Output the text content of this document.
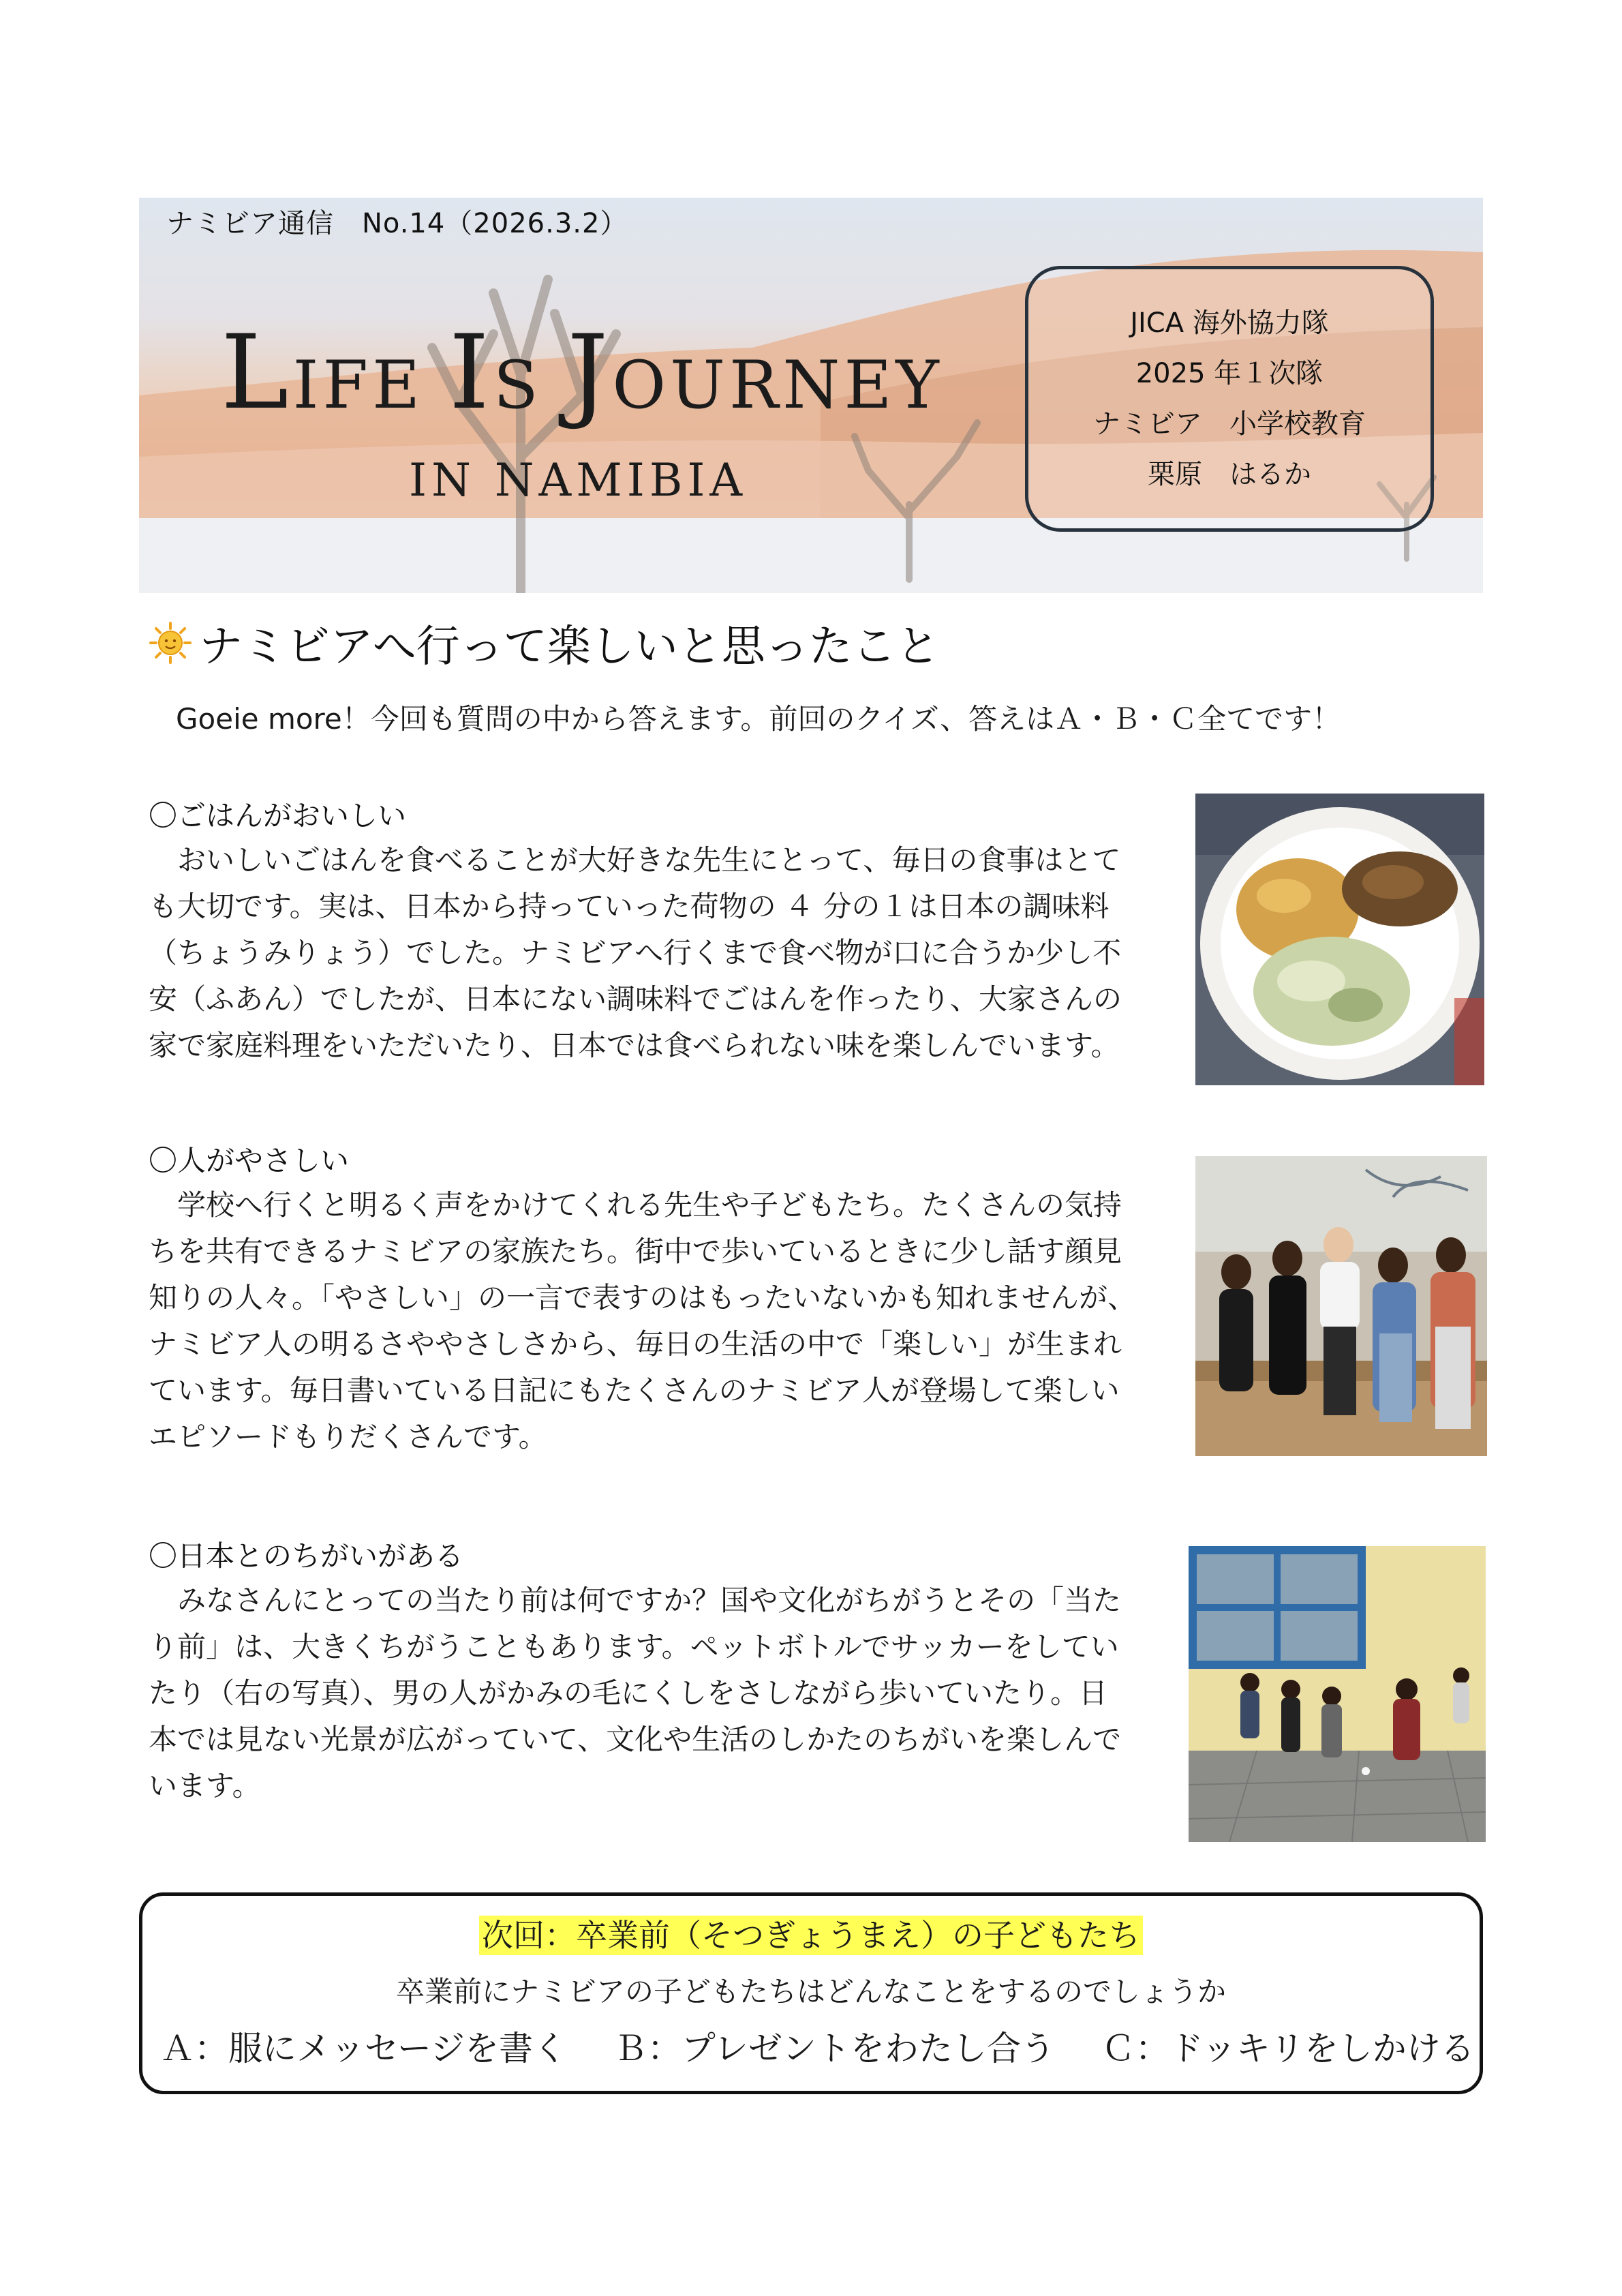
ナミビア通信　No.14（2026.3.2）
LIFE IS JOURNEY
IN NAMIBIA
JICA 海外協力隊
2025 年１次隊
ナミビア　小学校教育
栗原　はるか
ナミビアへ行って楽しいと思ったこと
Goeie more！今回も質問の中から答えます。前回のクイズ、答えはＡ・Ｂ・Ｃ全てです！
〇ごはんがおいしい
　おいしいごはんを食べることが大好きな先生にとって、毎日の食事はとて
も大切です。実は、日本から持っていった荷物の ４ 分の１は日本の調味料
（ちょうみりょう）でした。ナミビアへ行くまで食べ物が口に合うか少し不
安（ふあん）でしたが、日本にない調味料でごはんを作ったり、大家さんの
家で家庭料理をいただいたり、日本では食べられない味を楽しんでいます。
〇人がやさしい
　学校へ行くと明るく声をかけてくれる先生や子どもたち。たくさんの気持
ちを共有できるナミビアの家族たち。街中で歩いているときに少し話す顔見
知りの人々。「やさしい」の一言で表すのはもったいないかも知れませんが、
ナミビア人の明るさややさしさから、毎日の生活の中で「楽しい」が生まれ
ています。毎日書いている日記にもたくさんのナミビア人が登場して楽しい
エピソードもりだくさんです。
〇日本とのちがいがある
　みなさんにとっての当たり前は何ですか？国や文化がちがうとその「当た
り前」は、大きくちがうこともあります。ペットボトルでサッカーをしてい
たり（右の写真）、男の人がかみの毛にくしをさしながら歩いていたり。日
本では見ない光景が広がっていて、文化や生活のしかたのちがいを楽しんで
います。
次回：卒業前（そつぎょうまえ）の子どもたち
卒業前にナミビアの子どもたちはどんなことをするのでしょうか
Ａ：服にメッセージを書く Ｂ：プレゼントをわたし合う Ｃ：ドッキリをしかける
